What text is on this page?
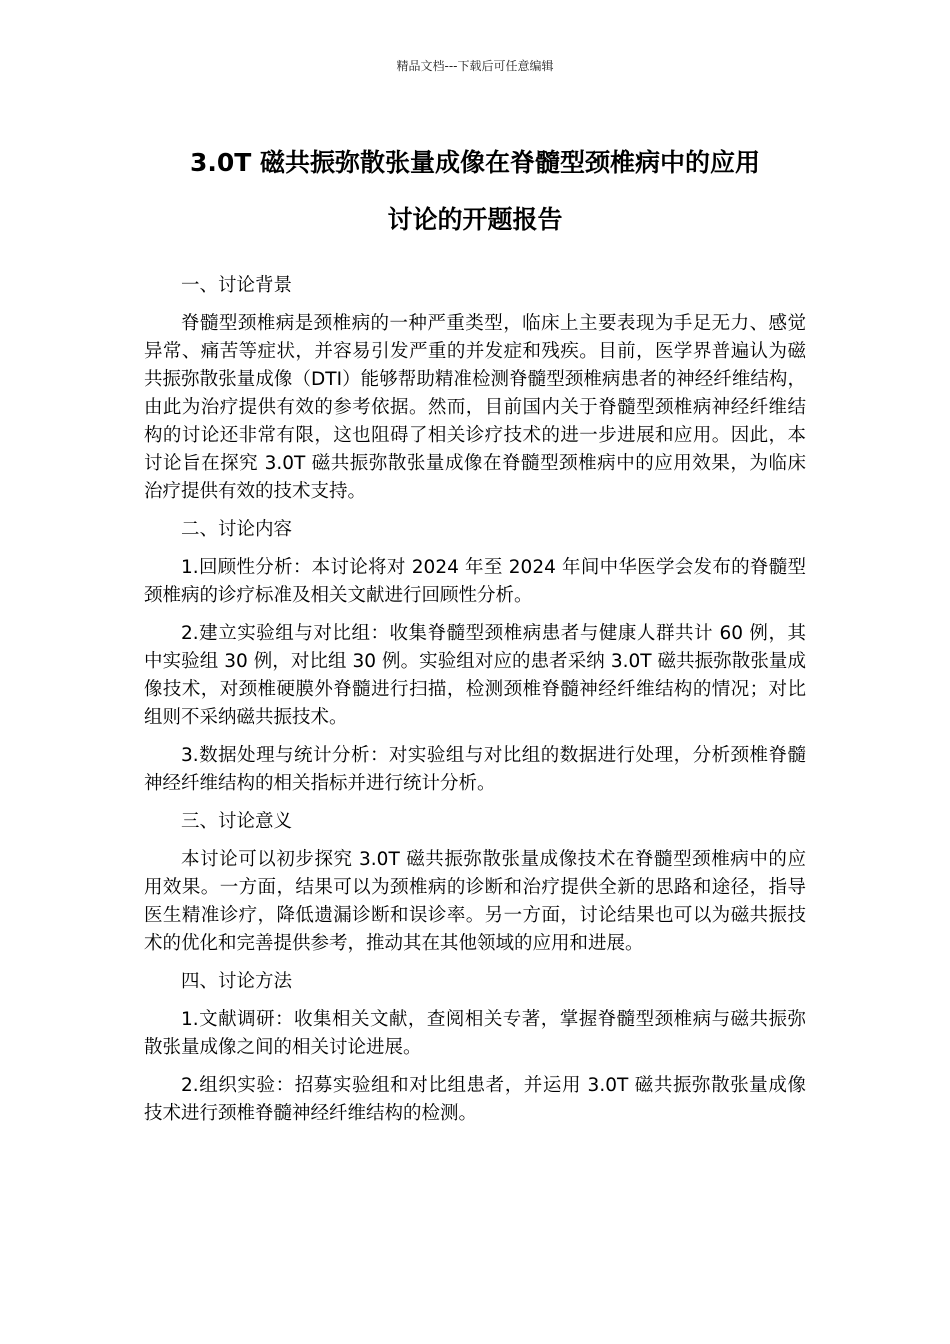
精品文档---下载后可任意编辑
3.0T 磁共振弥散张量成像在脊髓型颈椎病中的应用
讨论的开题报告

一、讨论背景

脊髓型颈椎病是颈椎病的一种严重类型，临床上主要表现为手足无力、感觉异常、痛苦等症状，并容易引发严重的并发症和残疾。目前，医学界普遍认为磁共振弥散张量成像（DTI）能够帮助精准检测脊髓型颈椎病患者的神经纤维结构，由此为治疗提供有效的参考依据。然而，目前国内关于脊髓型颈椎病神经纤维结构的讨论还非常有限，这也阻碍了相关诊疗技术的进一步进展和应用。因此，本讨论旨在探究 3.0T 磁共振弥散张量成像在脊髓型颈椎病中的应用效果，为临床治疗提供有效的技术支持。

二、讨论内容

1.回顾性分析：本讨论将对 2024 年至 2024 年间中华医学会发布的脊髓型颈椎病的诊疗标准及相关文献进行回顾性分析。

2.建立实验组与对比组：收集脊髓型颈椎病患者与健康人群共计 60 例，其中实验组 30 例，对比组 30 例。实验组对应的患者采纳 3.0T 磁共振弥散张量成像技术，对颈椎硬膜外脊髓进行扫描，检测颈椎脊髓神经纤维结构的情况；对比组则不采纳磁共振技术。

3.数据处理与统计分析：对实验组与对比组的数据进行处理，分析颈椎脊髓神经纤维结构的相关指标并进行统计分析。

三、讨论意义

本讨论可以初步探究 3.0T 磁共振弥散张量成像技术在脊髓型颈椎病中的应用效果。一方面，结果可以为颈椎病的诊断和治疗提供全新的思路和途径，指导医生精准诊疗，降低遗漏诊断和误诊率。另一方面，讨论结果也可以为磁共振技术的优化和完善提供参考，推动其在其他领域的应用和进展。

四、讨论方法

1.文献调研：收集相关文献，查阅相关专著，掌握脊髓型颈椎病与磁共振弥散张量成像之间的相关讨论进展。

2.组织实验：招募实验组和对比组患者，并运用 3.0T 磁共振弥散张量成像技术进行颈椎脊髓神经纤维结构的检测。
